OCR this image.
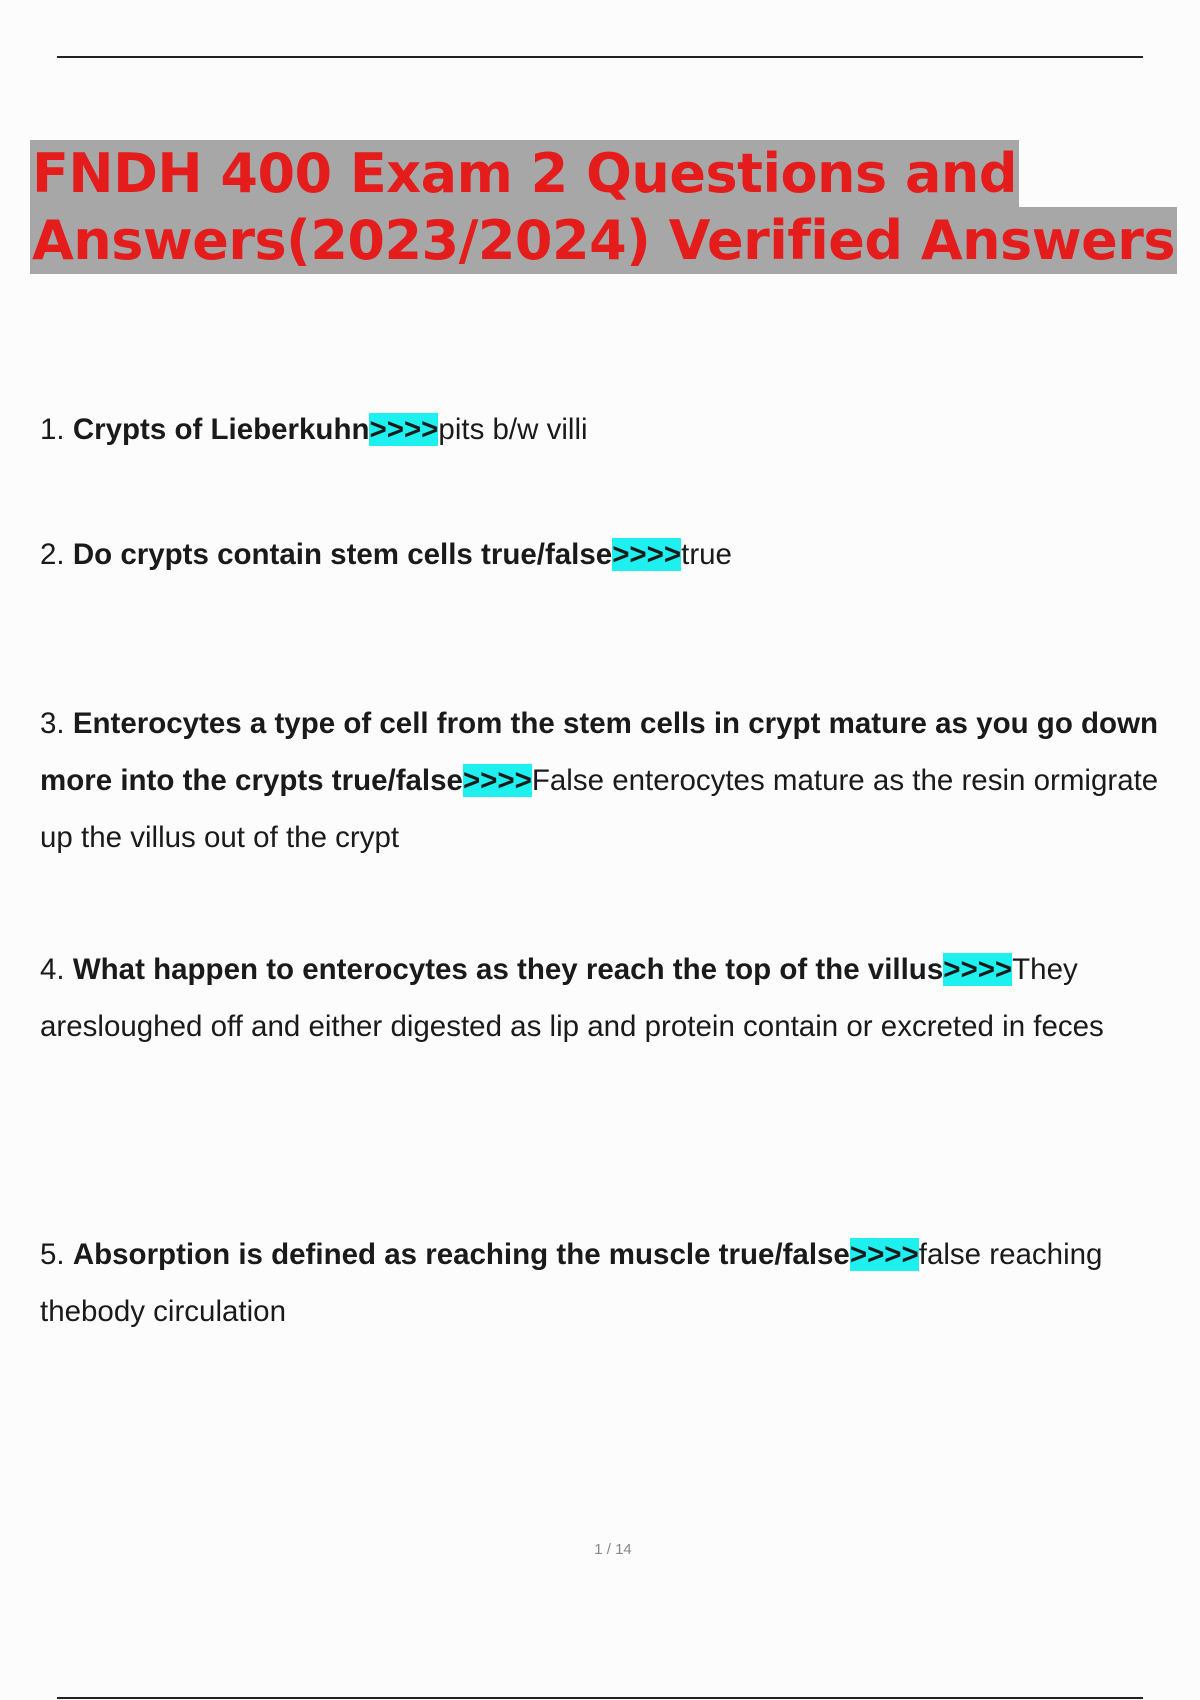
FNDH 400 Exam 2 Questions and
Answers(2023/2024) Verified Answers

1. Crypts of Lieberkuhn>>>>pits b/w villi

2. Do crypts contain stem cells true/false>>>>true

3. Enterocytes a type of cell from the stem cells in crypt mature as you go down more into the crypts true/false>>>>False enterocytes mature as the resin ormigrate up the villus out of the crypt

4. What happen to enterocytes as they reach the top of the villus>>>>They aresloughed off and either digested as lip and protein contain or excreted in feces

5. Absorption is defined as reaching the muscle true/false>>>>false reaching thebody circulation

1 / 14
